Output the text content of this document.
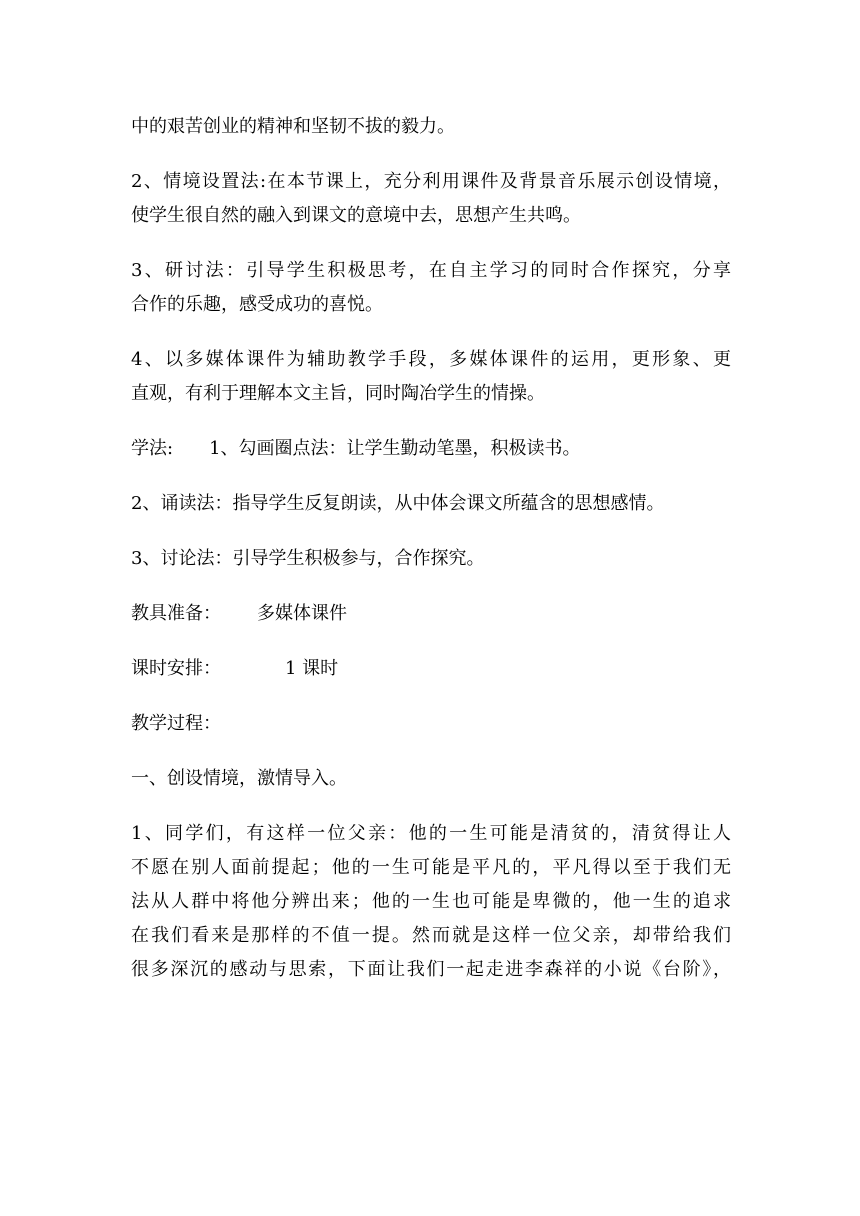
中的艰苦创业的精神和坚韧不拔的毅力。

2、情境设置法:在本节课上，充分利用课件及背景音乐展示创设情境，
使学生很自然的融入到课文的意境中去，思想产生共鸣。

3、研讨法：引导学生积极思考，在自主学习的同时合作探究，分享
合作的乐趣，感受成功的喜悦。

4、以多媒体课件为辅助教学手段，多媒体课件的运用，更形象、更
直观，有利于理解本文主旨，同时陶冶学生的情操。

学法: 1、勾画圈点法：让学生勤动笔墨，积极读书。

2、诵读法：指导学生反复朗读，从中体会课文所蕴含的思想感情。

3、讨论法：引导学生积极参与，合作探究。

教具准备： 多媒体课件

课时安排：	1 课时

教学过程：

一、创设情境，激情导入。

1、同学们，有这样一位父亲：他的一生可能是清贫的，清贫得让人
不愿在别人面前提起；他的一生可能是平凡的，平凡得以至于我们无
法从人群中将他分辨出来；他的一生也可能是卑微的，他一生的追求
在我们看来是那样的不值一提。然而就是这样一位父亲，却带给我们
很多深沉的感动与思索，下面让我们一起走进李森祥的小说《台阶》，
